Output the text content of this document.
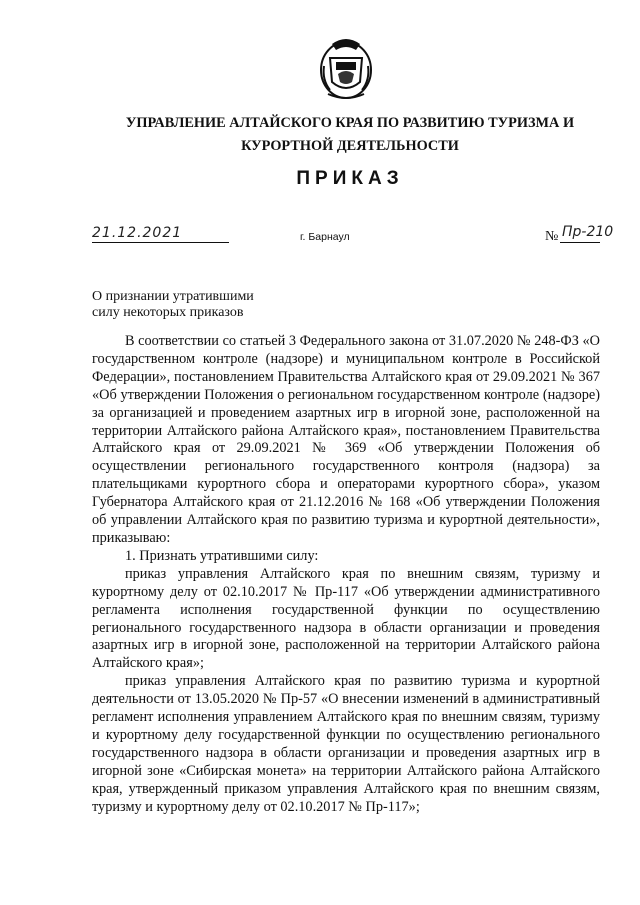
УПРАВЛЕНИЕ АЛТАЙСКОГО КРАЯ ПО РАЗВИТИЮ ТУРИЗМА И
КУРОРТНОЙ ДЕЯТЕЛЬНОСТИ
ПРИКАЗ
21.12.2021	г. Барнаул	№ Пр-210
О признании утратившими
силу некоторых приказов

В соответствии со статьей 3 Федерального закона от 31.07.2020 № 248-ФЗ «О государственном контроле (надзоре) и муниципальном контроле в Российской Федерации», постановлением Правительства Алтайского края от 29.09.2021 № 367 «Об утверждении Положения о региональном государственном контроле (надзоре) за организацией и проведением азартных игр в игорной зоне, расположенной на территории Алтайского района Алтайского края», постановлением Правительства Алтайского края от 29.09.2021 № 369 «Об утверждении Положения об осуществлении регионального государственного контроля (надзора) за плательщиками курортного сбора и операторами курортного сбора», указом Губернатора Алтайского края от 21.12.2016 № 168 «Об утверждении Положения об управлении Алтайского края по развитию туризма и курортной деятельности», приказываю:

1. Признать утратившими силу:

приказ управления Алтайского края по внешним связям, туризму и курортному делу от 02.10.2017 № Пр-117 «Об утверждении административного регламента исполнения государственной функции по осуществлению регионального государственного надзора в области организации и проведения азартных игр в игорной зоне, расположенной на территории Алтайского района Алтайского края»;

приказ управления Алтайского края по развитию туризма и курортной деятельности от 13.05.2020 № Пр-57 «О внесении изменений в административный регламент исполнения управлением Алтайского края по внешним связям, туризму и курортному делу государственной функции по осуществлению регионального государственного надзора в области организации и проведения азартных игр в игорной зоне «Сибирская монета» на территории Алтайского района Алтайского края, утвержденный приказом управления Алтайского края по внешним связям, туризму и курортному делу от 02.10.2017 № Пр-117»;
